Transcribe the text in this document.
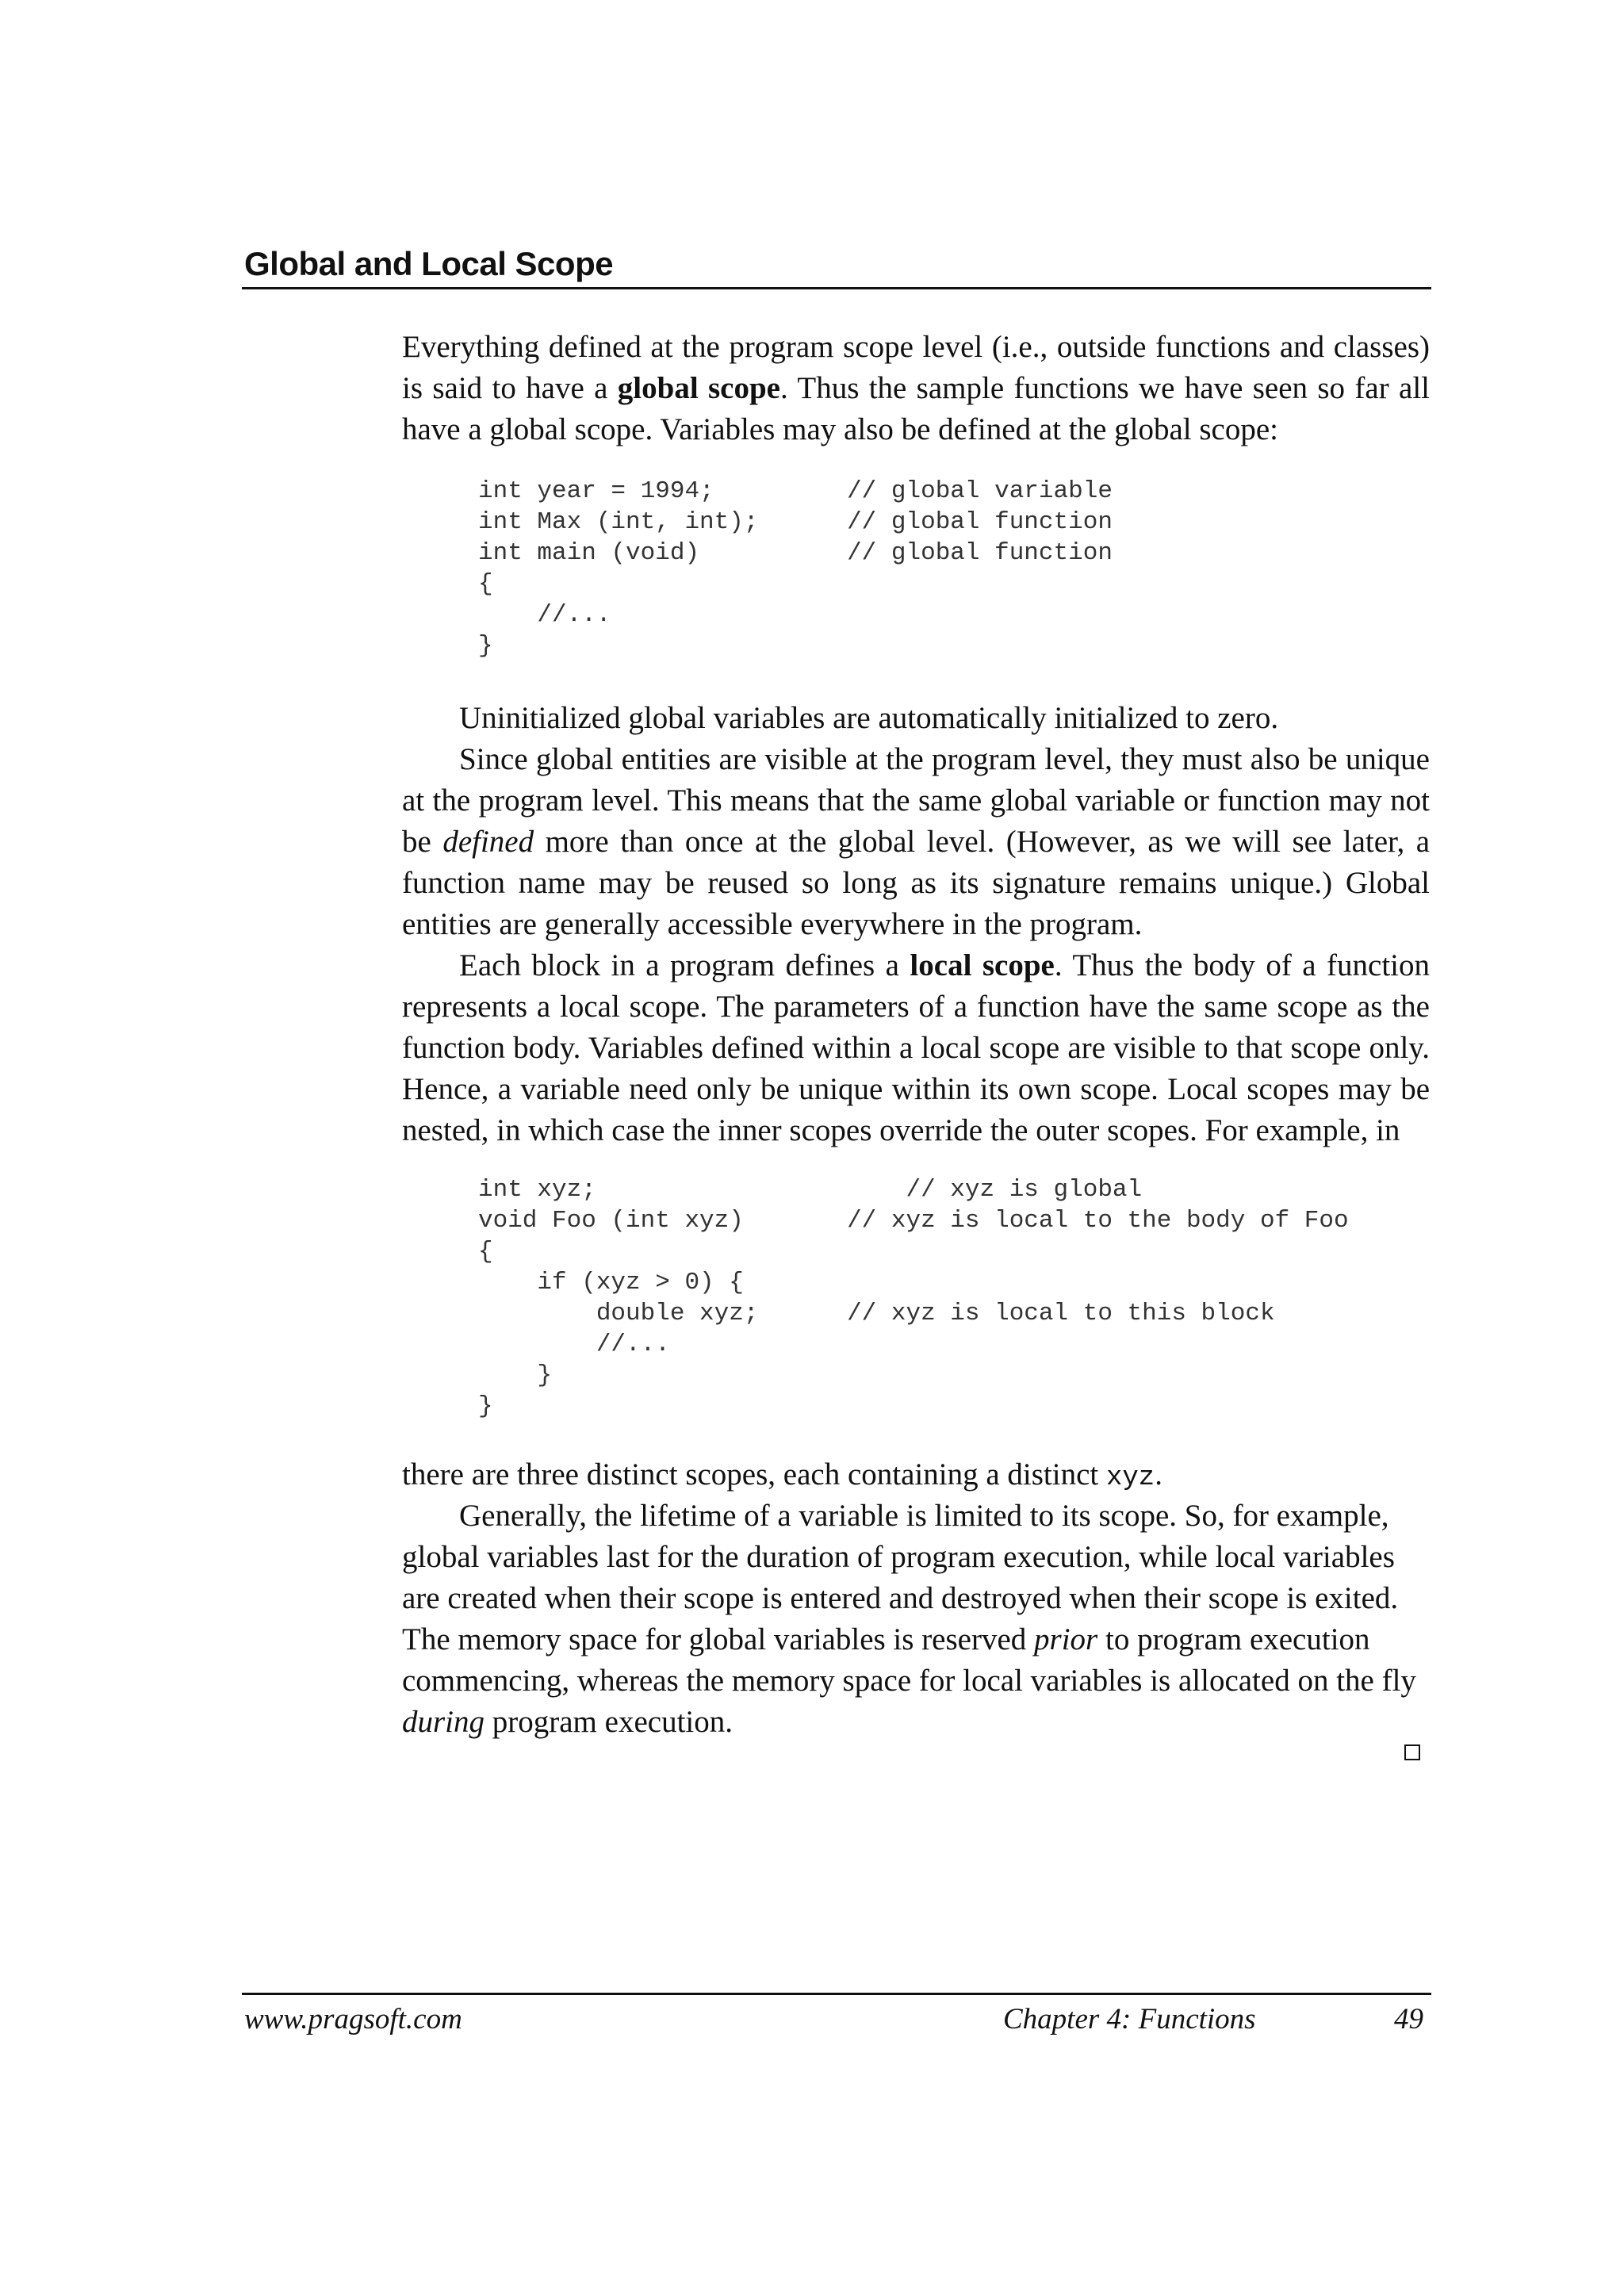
Global and Local Scope

Everything defined at the program scope level (i.e., outside functions and classes) is said to have a global scope. Thus the sample functions we have seen so far all have a global scope. Variables may also be defined at the global scope:

int year = 1994;         // global variable
int Max (int, int);      // global function
int main (void)          // global function
{
//...
}

Uninitialized global variables are automatically initialized to zero.

Since global entities are visible at the program level, they must also be unique at the program level. This means that the same global variable or function may not be defined more than once at the global level. (However, as we will see later, a function name may be reused so long as its signature remains unique.) Global entities are generally accessible everywhere in the program.

Each block in a program defines a local scope. Thus the body of a function represents a local scope. The parameters of a function have the same scope as the function body. Variables defined within a local scope are visible to that scope only. Hence, a variable need only be unique within its own scope. Local scopes may be nested, in which case the inner scopes override the outer scopes. For example, in

int xyz;                     // xyz is global
void Foo (int xyz)       // xyz is local to the body of Foo
{
if (xyz > 0) {
double xyz;      // xyz is local to this block
//...
}
}

there are three distinct scopes, each containing a distinct xyz.

Generally, the lifetime of a variable is limited to its scope. So, for example, global variables last for the duration of program execution, while local variables are created when their scope is entered and destroyed when their scope is exited. The memory space for global variables is reserved prior to program execution commencing, whereas the memory space for local variables is allocated on the fly during program execution.

www.pragsoft.com	Chapter 4: Functions	49
